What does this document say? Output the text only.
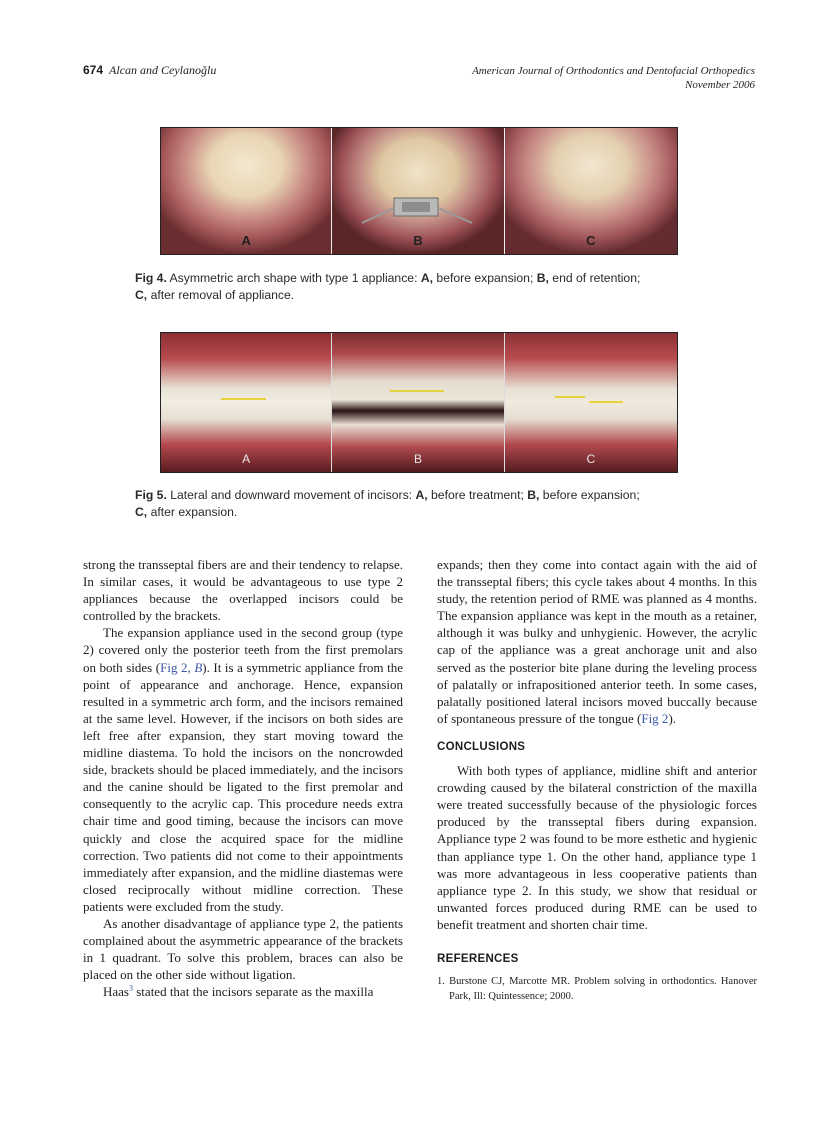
674 Alcan and Ceylanoğlu	American Journal of Orthodontics and Dentofacial Orthopedics
November 2006
A	B	C
Fig 4. Asymmetric arch shape with type 1 appliance: A, before expansion; B, end of retention;
C, after removal of appliance.
A	B	C
Fig 5. Lateral and downward movement of incisors: A, before treatment; B, before expansion;
C, after expansion.

strong the transseptal fibers are and their tendency to relapse. In similar cases, it would be advantageous to use type 2 appliances because the overlapped incisors could be controlled by the brackets.

The expansion appliance used in the second group (type 2) covered only the posterior teeth from the first premolars on both sides (Fig 2, B). It is a symmetric appliance from the point of appearance and anchorage. Hence, expansion resulted in a symmetric arch form, and the incisors remained at the same level. However, if the incisors on both sides are left free after expansion, they start moving toward the midline diastema. To hold the incisors on the noncrowded side, brackets should be placed immediately, and the incisors and the canine should be ligated to the first premolar and consequently to the acrylic cap. This procedure needs extra chair time and good timing, because the incisors can move quickly and close the acquired space for the midline correction. Two patients did not come to their appointments immediately after expansion, and the midline diastemas were closed reciprocally without midline correction. These patients were excluded from the study.

As another disadvantage of appliance type 2, the patients complained about the asymmetric appearance of the brackets in 1 quadrant. To solve this problem, braces can also be placed on the other side without ligation.

Haas$^3$ stated that the incisors separate as the maxilla

expands; then they come into contact again with the aid of the transseptal fibers; this cycle takes about 4 months. In this study, the retention period of RME was planned as 4 months. The expansion appliance was kept in the mouth as a retainer, although it was bulky and unhygienic. However, the acrylic cap of the appliance was a great anchorage unit and also served as the posterior bite plane during the leveling process of palatally or infrapositioned anterior teeth. In some cases, palatally positioned lateral incisors moved buccally because of spontaneous pressure of the tongue (Fig 2).

CONCLUSIONS

With both types of appliance, midline shift and anterior crowding caused by the bilateral constriction of the maxilla were treated successfully because of the physiologic forces produced by the transseptal fibers during expansion. Appliance type 2 was found to be more esthetic and hygienic than appliance type 1. On the other hand, appliance type 1 was more advantageous in less cooperative patients than appliance type 2. In this study, we show that residual or unwanted forces produced during RME can be used to benefit treatment and shorten chair time.

REFERENCES

1. Burstone CJ, Marcotte MR. Problem solving in orthodontics. Hanover Park, Ill: Quintessence; 2000.
